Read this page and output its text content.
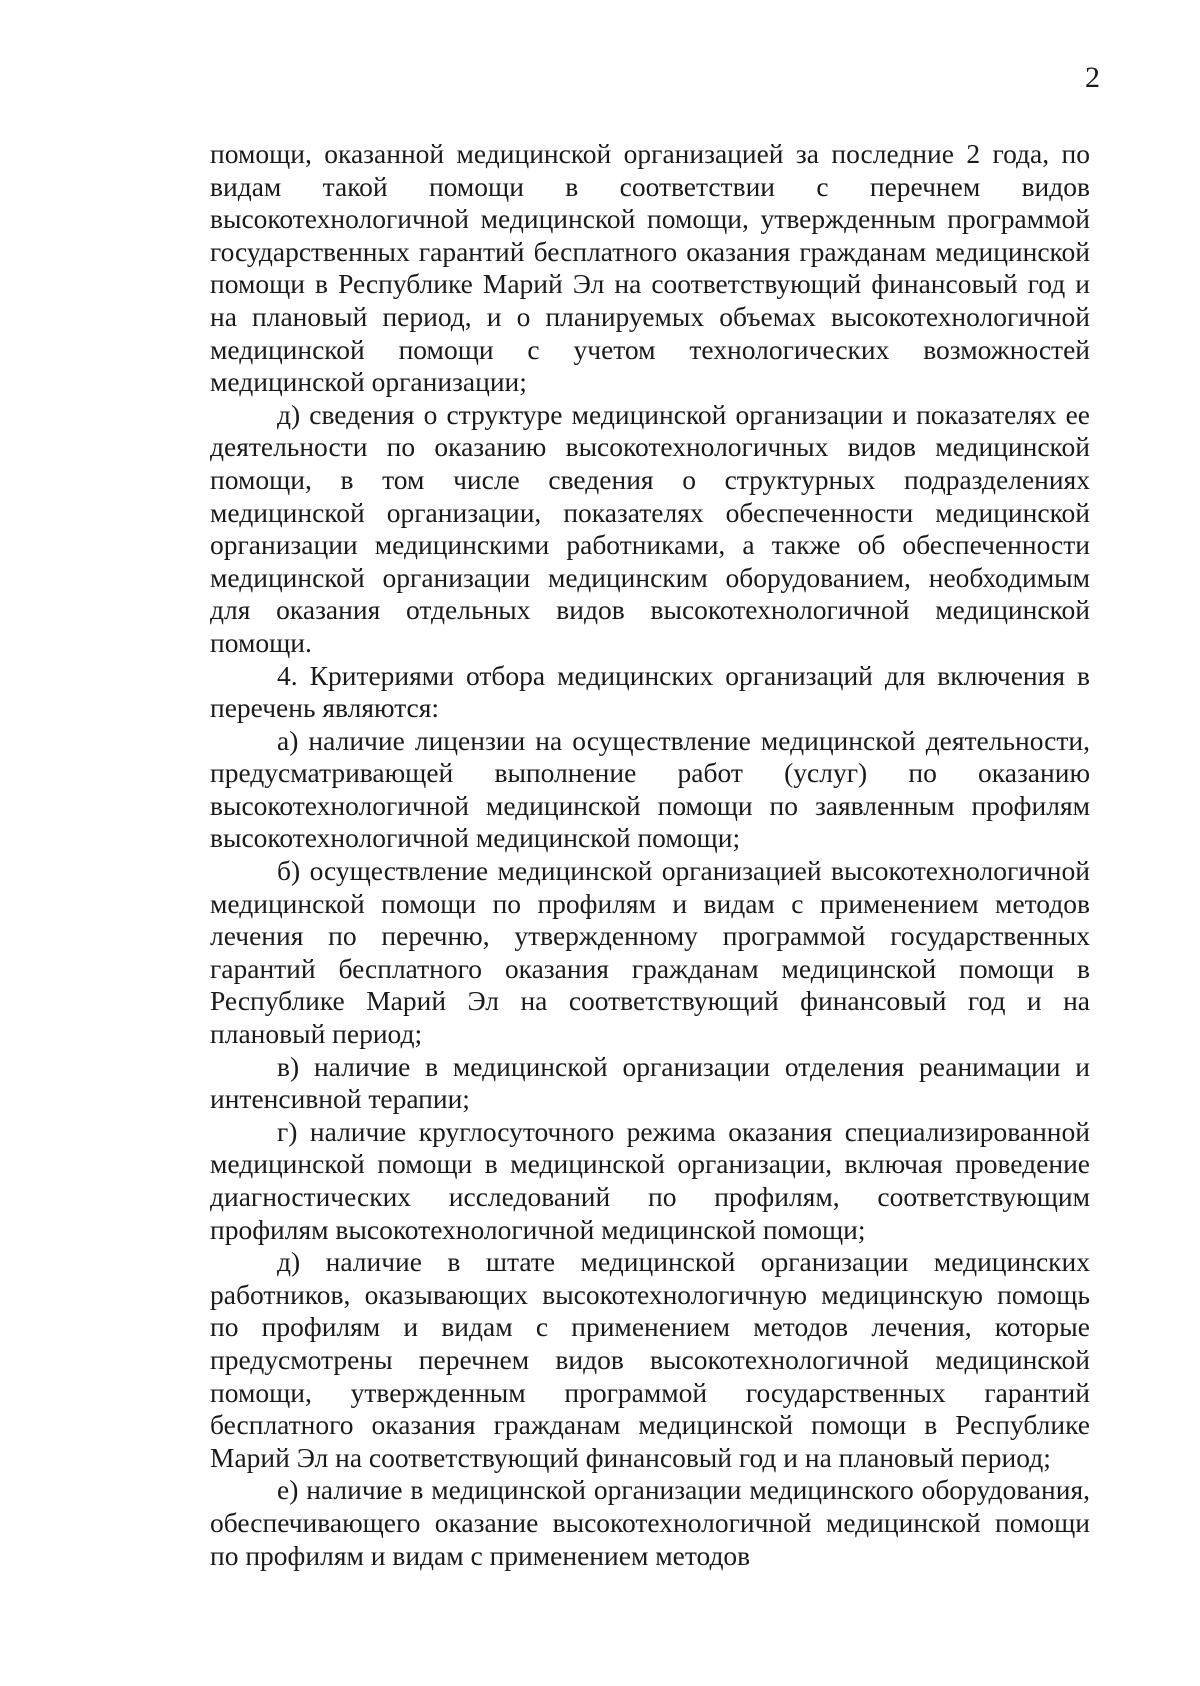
2

помощи, оказанной медицинской организацией за последние 2 года, по видам такой помощи в соответствии с перечнем видов высокотехнологичной медицинской помощи, утвержденным программой государственных гарантий бесплатного оказания гражданам медицинской помощи в Республике Марий Эл на соответствующий финансовый год и на плановый период, и о планируемых объемах высокотехнологичной медицинской помощи с учетом технологических возможностей медицинской организации;

д) сведения о структуре медицинской организации и показателях ее деятельности по оказанию высокотехнологичных видов медицинской помощи, в том числе сведения о структурных подразделениях медицинской организации, показателях обеспеченности медицинской организации медицинскими работниками, а также об обеспеченности медицинской организации медицинским оборудованием, необходимым для оказания отдельных видов высокотехнологичной медицинской помощи.

4. Критериями отбора медицинских организаций для включения в перечень являются:

а) наличие лицензии на осуществление медицинской деятельности, предусматривающей выполнение работ (услуг) по оказанию высокотехнологичной медицинской помощи по заявленным профилям высокотехнологичной медицинской помощи;

б) осуществление медицинской организацией высокотехнологичной медицинской помощи по профилям и видам с применением методов лечения по перечню, утвержденному программой государственных гарантий бесплатного оказания гражданам медицинской помощи в Республике Марий Эл на соответствующий финансовый год и на плановый период;

в) наличие в медицинской организации отделения реанимации и интенсивной терапии;

г) наличие круглосуточного режима оказания специализированной медицинской помощи в медицинской организации, включая проведение диагностических исследований по профилям, соответствующим профилям высокотехнологичной медицинской помощи;

д) наличие в штате медицинской организации медицинских работников, оказывающих высокотехнологичную медицинскую помощь по профилям и видам с применением методов лечения, которые предусмотрены перечнем видов высокотехнологичной медицинской помощи, утвержденным программой государственных гарантий бесплатного оказания гражданам медицинской помощи в Республике Марий Эл на соответствующий финансовый год и на плановый период;

е) наличие в медицинской организации медицинского оборудования, обеспечивающего оказание высокотехнологичной медицинской помощи по профилям и видам с применением методов
